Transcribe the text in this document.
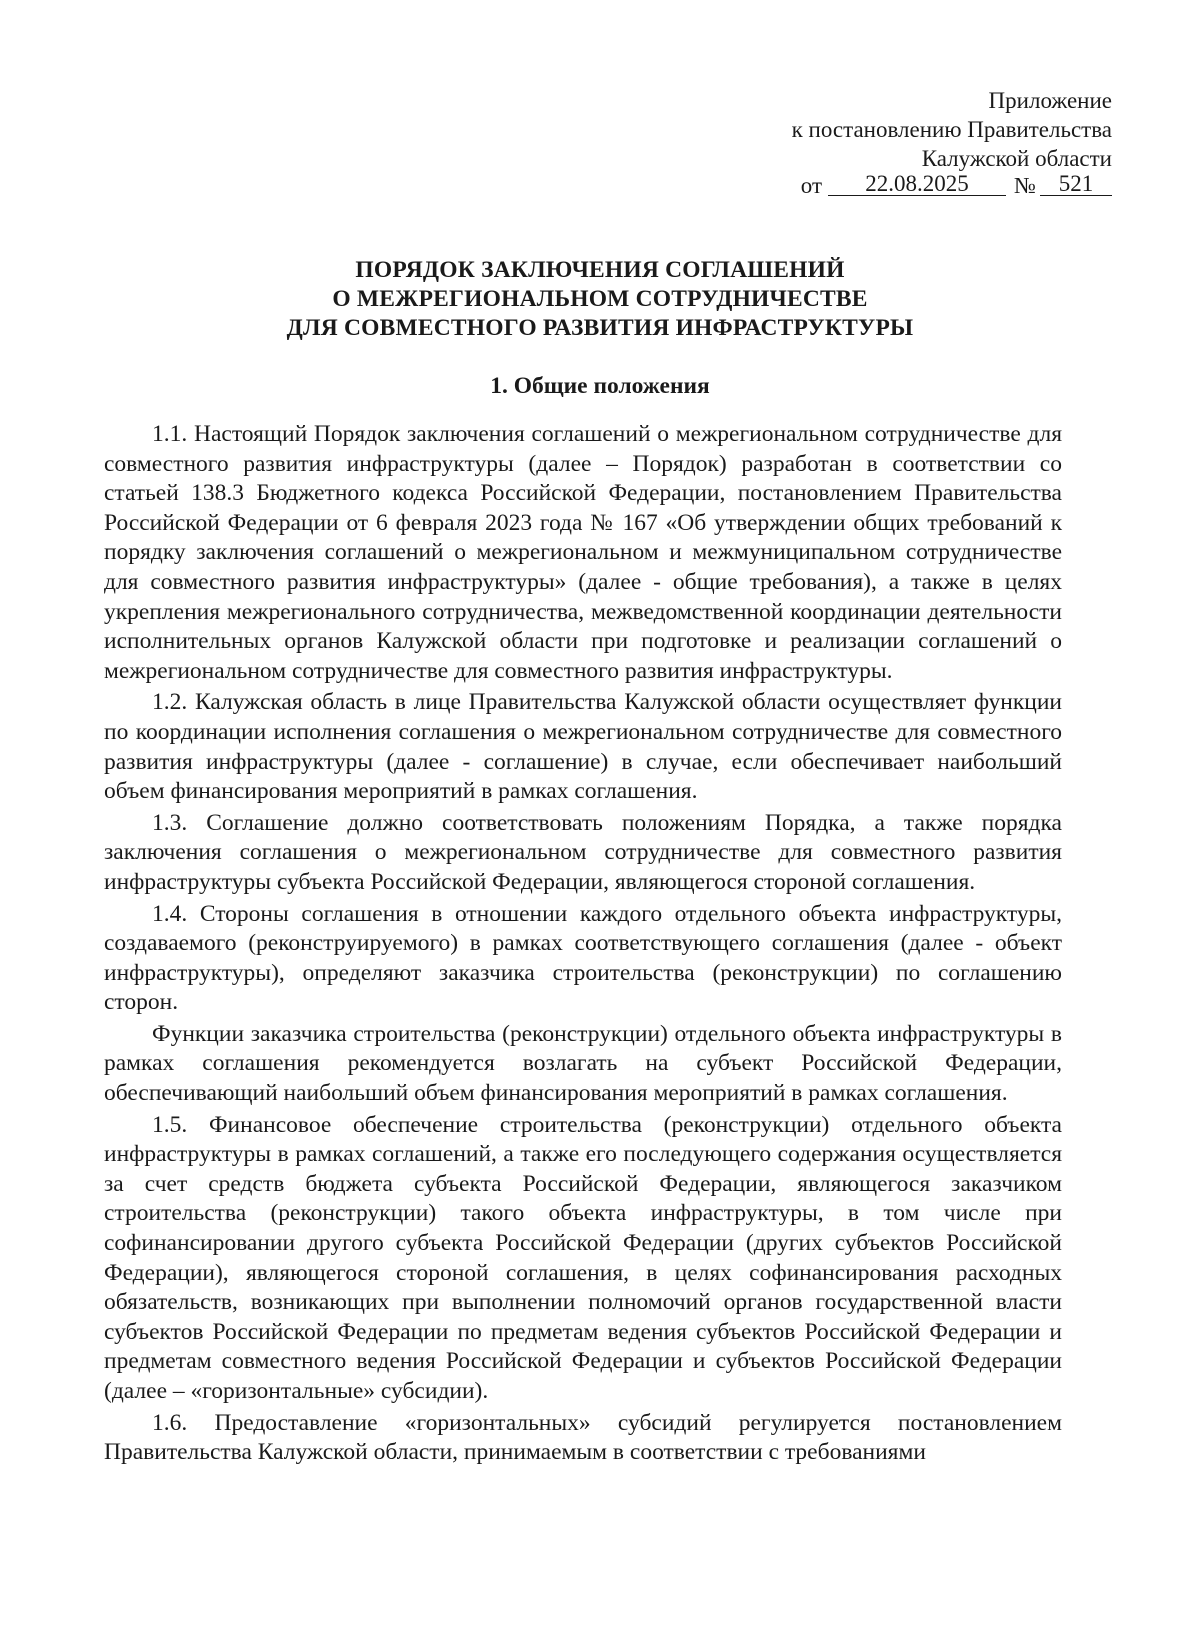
Приложение
к постановлению Правительства
Калужской области
от 22.08.2025 № 521
ПОРЯДОК ЗАКЛЮЧЕНИЯ СОГЛАШЕНИЙ
О МЕЖРЕГИОНАЛЬНОМ СОТРУДНИЧЕСТВЕ
ДЛЯ СОВМЕСТНОГО РАЗВИТИЯ ИНФРАСТРУКТУРЫ
1. Общие положения

1.1. Настоящий Порядок заключения соглашений о межрегиональном сотрудничестве для совместного развития инфраструктуры (далее – Порядок) разработан в соответствии со статьей 138.3 Бюджетного кодекса Российской Федерации, постановлением Правительства Российской Федерации от 6 февраля 2023 года № 167 «Об утверждении общих требований к порядку заключения соглашений о межрегиональном и межмуниципальном сотрудничестве для совместного развития инфраструктуры» (далее - общие требования), а также в целях укрепления межрегионального сотрудничества, межведомственной координации деятельности исполнительных органов Калужской области при подготовке и реализации соглашений о межрегиональном сотрудничестве для совместного развития инфраструктуры.

1.2. Калужская область в лице Правительства Калужской области осуществляет функции по координации исполнения соглашения о межрегиональном сотрудничестве для совместного развития инфраструктуры (далее - соглашение) в случае, если обеспечивает наибольший объем финансирования мероприятий в рамках соглашения.

1.3. Соглашение должно соответствовать положениям Порядка, а также порядка заключения соглашения о межрегиональном сотрудничестве для совместного развития инфраструктуры субъекта Российской Федерации, являющегося стороной соглашения.

1.4. Стороны соглашения в отношении каждого отдельного объекта инфраструктуры, создаваемого (реконструируемого) в рамках соответствующего соглашения (далее - объект инфраструктуры), определяют заказчика строительства (реконструкции) по соглашению сторон.

Функции заказчика строительства (реконструкции) отдельного объекта инфраструктуры в рамках соглашения рекомендуется возлагать на субъект Российской Федерации, обеспечивающий наибольший объем финансирования мероприятий в рамках соглашения.

1.5. Финансовое обеспечение строительства (реконструкции) отдельного объекта инфраструктуры в рамках соглашений, а также его последующего содержания осуществляется за счет средств бюджета субъекта Российской Федерации, являющегося заказчиком строительства (реконструкции) такого объекта инфраструктуры, в том числе при софинансировании другого субъекта Российской Федерации (других субъектов Российской Федерации), являющегося стороной соглашения, в целях софинансирования расходных обязательств, возникающих при выполнении полномочий органов государственной власти субъектов Российской Федерации по предметам ведения субъектов Российской Федерации и предметам совместного ведения Российской Федерации и субъектов Российской Федерации (далее – «горизонтальные» субсидии).

1.6. Предоставление «горизонтальных» субсидий регулируется постановлением Правительства Калужской области, принимаемым в соответствии с требованиями
